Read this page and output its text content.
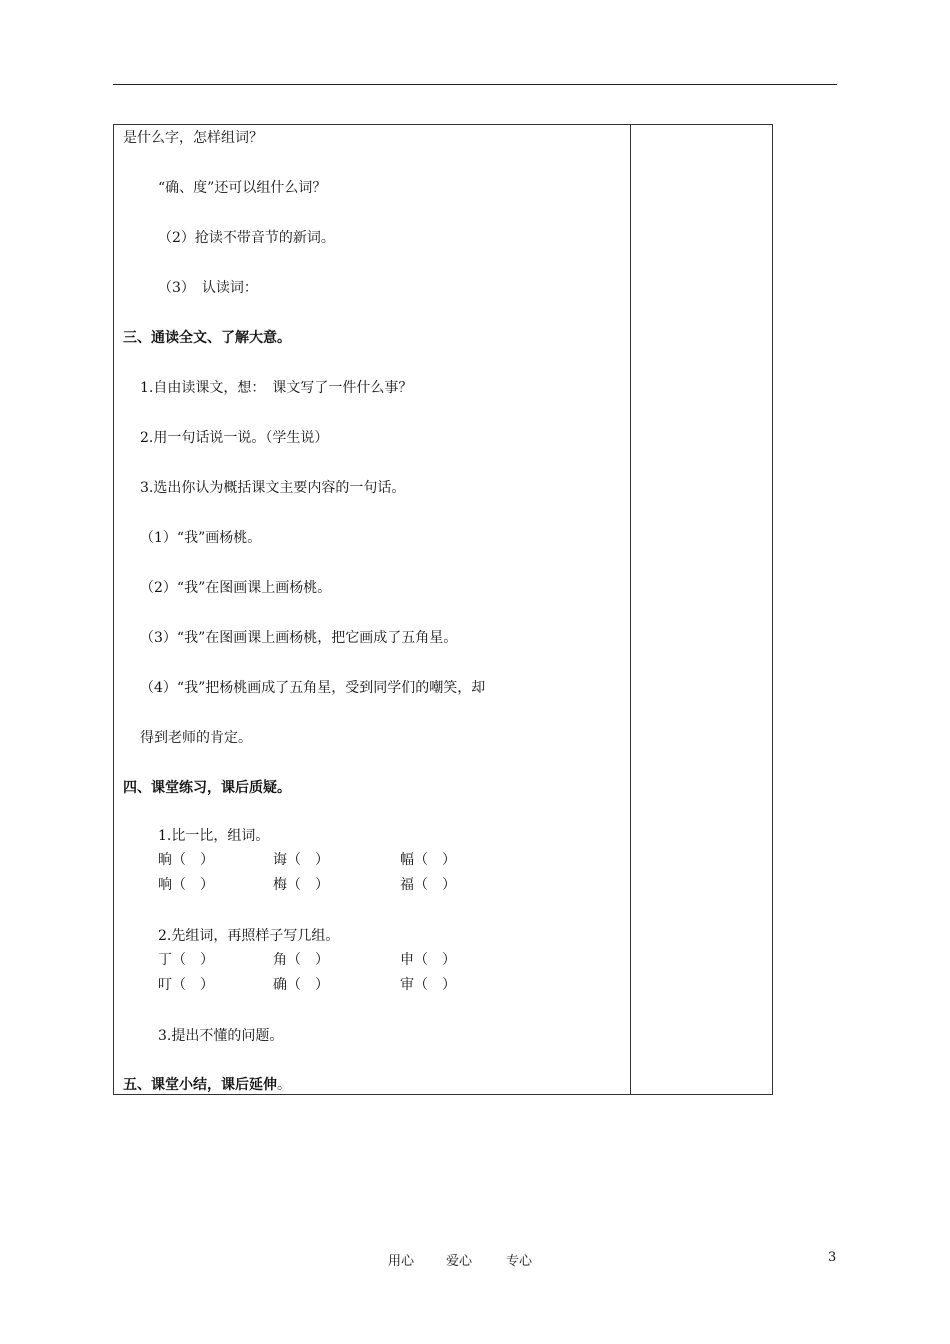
是什么字，怎样组词？
“确、度”还可以组什么词？
（2）抢读不带音节的新词。
（3）　认读词：
三、通读全文、了解大意。
1.自由读课文，想：　课文写了一件什么事？
2.用一句话说一说。（学生说）
3.选出你认为概括课文主要内容的一句话。
（1）“我”画杨桃。
（2）“我”在图画课上画杨桃。
（3）“我”在图画课上画杨桃，把它画成了五角星。
（4）“我”把杨桃画成了五角星，受到同学们的嘲笑，却
得到老师的肯定。
四、课堂练习，课后质疑。
1.比一比，组词。
晌（　）	诲（　）	幅（　）
响（　）	梅（　）	福（　）
2.先组词，再照样子写几组。
丁（　）	角（　）	申（　）
叮（　）	确（　）	审（　）
3.提出不懂的问题。
五、课堂小结，课后延伸。
用心 爱心	专心	3
